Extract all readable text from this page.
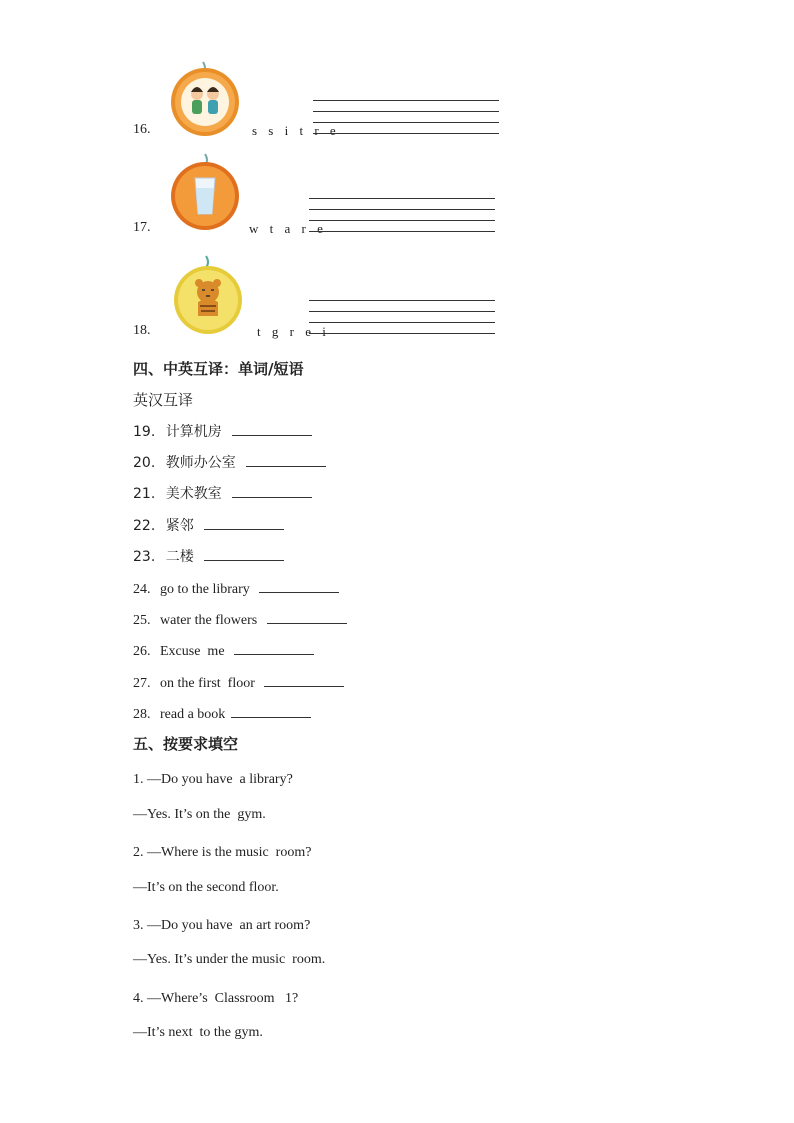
16.	s s i t r e
17.	w t a r e
18.	t g r e i
四、中英互译：单词/短语
英汉互译
19. 计算机房
20. 教师办公室
21. 美术教室
22. 紧邻
23. 二楼
24. go to the library
25. water the flowers
26. Excuse  me
27. on the first  floor
28. read a book
五、按要求填空
1. —Do you have  a library?
—Yes. It’s on the  gym.
2. —Where is the music  room?
—It’s on the second floor.
3. —Do you have  an art room?
—Yes. It’s under the music  room.
4. —Where’s  Classroom   1?
—It’s next  to the gym.
